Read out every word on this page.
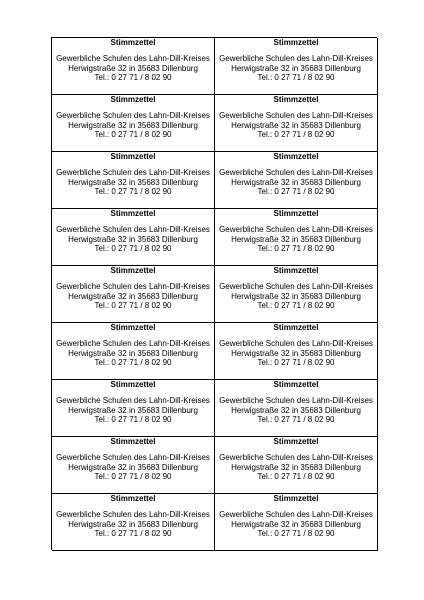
Stimmzettel
Gewerbliche Schulen des Lahn-Dill-Kreises
Herwigstraße 32 in 35683 Dillenburg
Tel.: 0 27 71 / 8 02 90
Stimmzettel
Gewerbliche Schulen des Lahn-Dill-Kreises
Herwigstraße 32 in 35683 Dillenburg
Tel.: 0 27 71 / 8 02 90
Stimmzettel
Gewerbliche Schulen des Lahn-Dill-Kreises
Herwigstraße 32 in 35683 Dillenburg
Tel.: 0 27 71 / 8 02 90
Stimmzettel
Gewerbliche Schulen des Lahn-Dill-Kreises
Herwigstraße 32 in 35683 Dillenburg
Tel.: 0 27 71 / 8 02 90
Stimmzettel
Gewerbliche Schulen des Lahn-Dill-Kreises
Herwigstraße 32 in 35683 Dillenburg
Tel.: 0 27 71 / 8 02 90
Stimmzettel
Gewerbliche Schulen des Lahn-Dill-Kreises
Herwigstraße 32 in 35683 Dillenburg
Tel.: 0 27 71 / 8 02 90
Stimmzettel
Gewerbliche Schulen des Lahn-Dill-Kreises
Herwigstraße 32 in 35683 Dillenburg
Tel.: 0 27 71 / 8 02 90
Stimmzettel
Gewerbliche Schulen des Lahn-Dill-Kreises
Herwigstraße 32 in 35683 Dillenburg
Tel.: 0 27 71 / 8 02 90
Stimmzettel
Gewerbliche Schulen des Lahn-Dill-Kreises
Herwigstraße 32 in 35683 Dillenburg
Tel.: 0 27 71 / 8 02 90
Stimmzettel
Gewerbliche Schulen des Lahn-Dill-Kreises
Herwigstraße 32 in 35683 Dillenburg
Tel.: 0 27 71 / 8 02 90
Stimmzettel
Gewerbliche Schulen des Lahn-Dill-Kreises
Herwigstraße 32 in 35683 Dillenburg
Tel.: 0 27 71 / 8 02 90
Stimmzettel
Gewerbliche Schulen des Lahn-Dill-Kreises
Herwigstraße 32 in 35683 Dillenburg
Tel.: 0 27 71 / 8 02 90
Stimmzettel
Gewerbliche Schulen des Lahn-Dill-Kreises
Herwigstraße 32 in 35683 Dillenburg
Tel.: 0 27 71 / 8 02 90
Stimmzettel
Gewerbliche Schulen des Lahn-Dill-Kreises
Herwigstraße 32 in 35683 Dillenburg
Tel.: 0 27 71 / 8 02 90
Stimmzettel
Gewerbliche Schulen des Lahn-Dill-Kreises
Herwigstraße 32 in 35683 Dillenburg
Tel.: 0 27 71 / 8 02 90
Stimmzettel
Gewerbliche Schulen des Lahn-Dill-Kreises
Herwigstraße 32 in 35683 Dillenburg
Tel.: 0 27 71 / 8 02 90
Stimmzettel
Gewerbliche Schulen des Lahn-Dill-Kreises
Herwigstraße 32 in 35683 Dillenburg
Tel.: 0 27 71 / 8 02 90
Stimmzettel
Gewerbliche Schulen des Lahn-Dill-Kreises
Herwigstraße 32 in 35683 Dillenburg
Tel.: 0 27 71 / 8 02 90
